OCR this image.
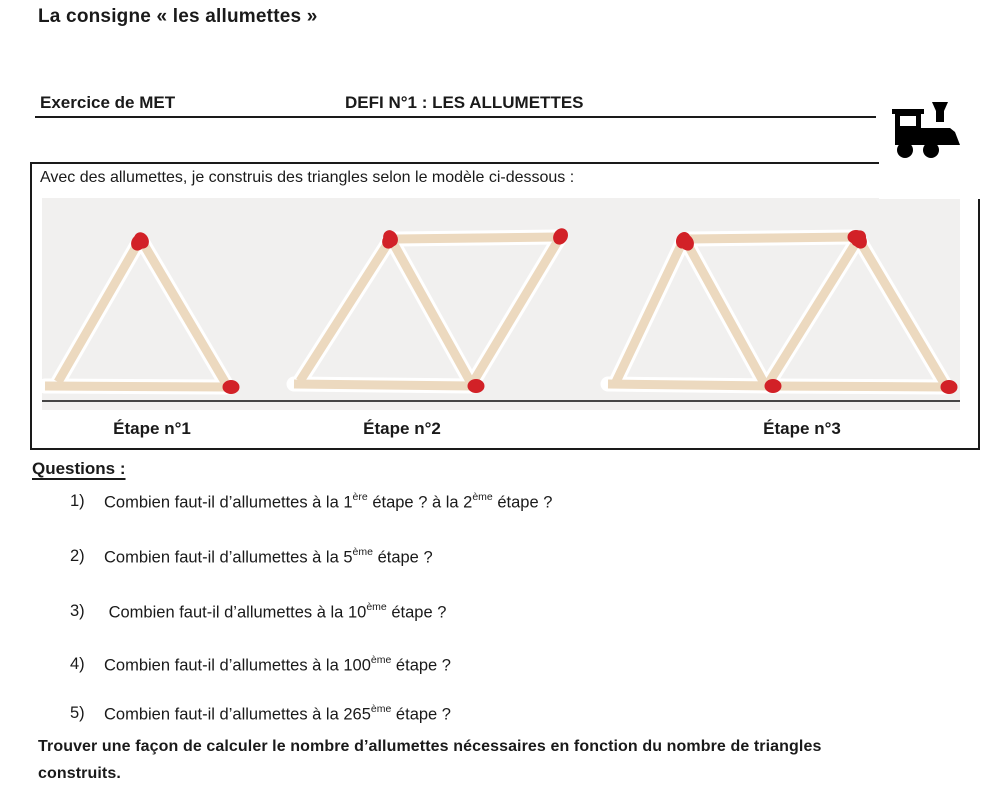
La consigne « les allumettes »
Exercice de MET	DEFI N°1 : LES ALLUMETTES
Avec des allumettes, je construis des triangles selon le modèle ci-dessous :
Étape n°1	Étape n°2	Étape n°3
Questions :
1) Combien faut-il d’allumettes à la 1ère étape ? à la 2ème étape ?
2) Combien faut-il d’allumettes à la 5ème étape ?
3) Combien faut-il d’allumettes à la 10ème étape ?
4) Combien faut-il d’allumettes à la 100ème étape ?
5) Combien faut-il d’allumettes à la 265ème étape ?
Trouver une façon de calculer le nombre d’allumettes nécessaires en fonction du nombre de triangles
construits.
